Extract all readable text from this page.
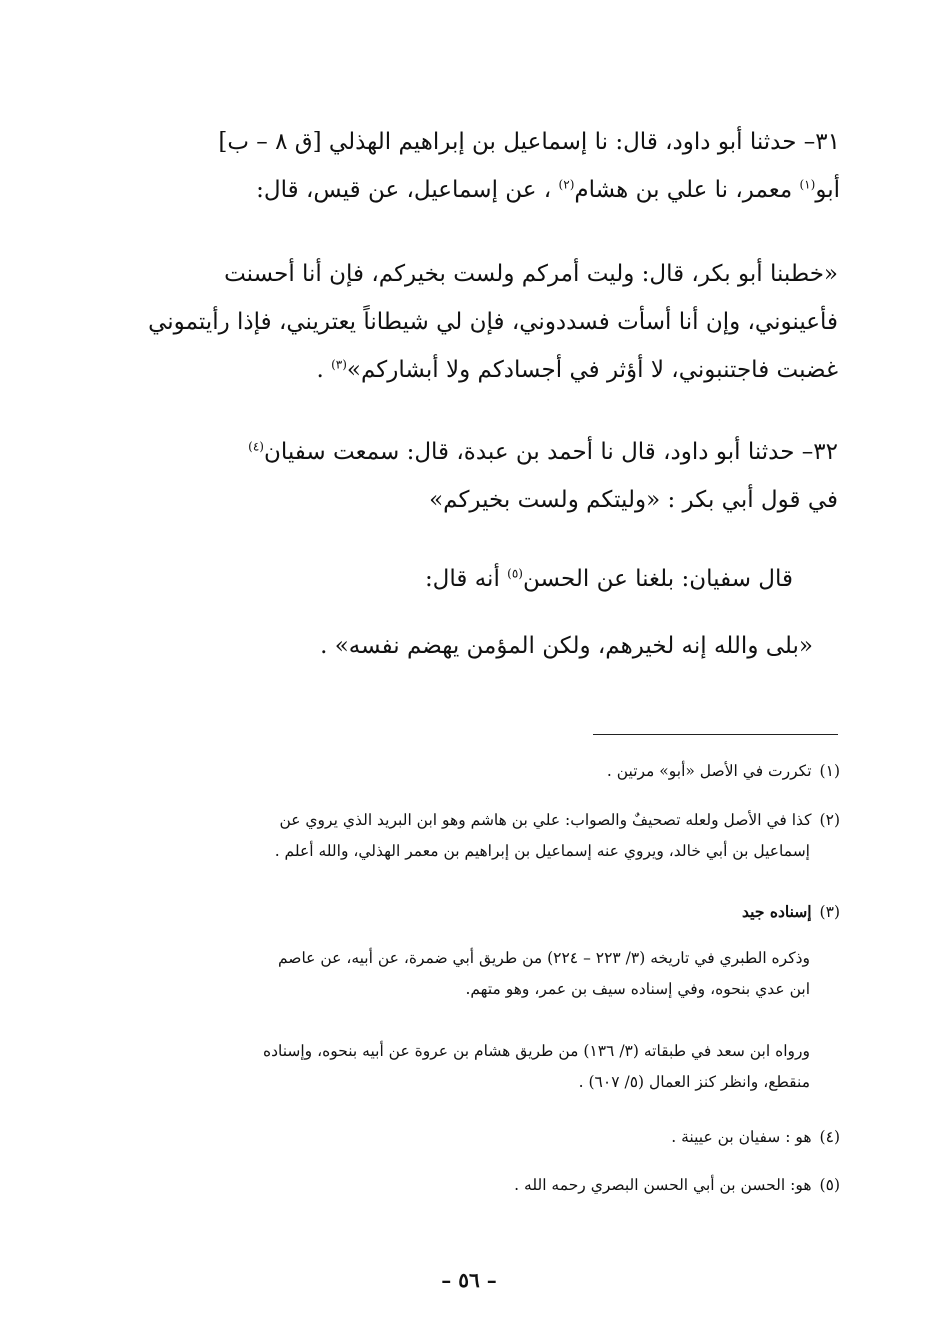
٣١– حدثنا أبو داود، قال: نا إسماعيل بن إبراهيم الهذلي [ق ٨ – ب]
أبو$^{(١)}$ معمر، نا علي بن هشام$^{(٢)}$ ، عن إسماعيل، عن قيس، قال:
«خطبنا أبو بكر، قال: وليت أمركم ولست بخيركم، فإن أنا أحسنت
فأعينوني، وإن أنا أسأت فسددوني، فإن لي شيطاناً يعتريني، فإذا رأيتموني
غضبت فاجتنبوني، لا أؤثر في أجسادكم ولا أبشاركم»$^{(٣)}$ .
٣٢– حدثنا أبو داود، قال نا أحمد بن عبدة، قال: سمعت سفيان$^{(٤)}$
في قول أبي بكر : «وليتكم ولست بخيركم»
قال سفيان: بلغنا عن الحسن$^{(٥)}$ أنه قال:
«بلى والله إنه لخيرهم، ولكن المؤمن يهضم نفسه» .
(١)تكررت في الأصل «أبو» مرتين .
(٢)كذا في الأصل ولعله تصحيفٌ والصواب: علي بن هاشم وهو ابن البريد الذي يروي عن
إسماعيل بن أبي خالد، ويروي عنه إسماعيل بن إبراهيم بن معمر الهذلي، والله أعلم .
(٣)إسناده جيد
وذكره الطبري في تاريخه (٣/ ٢٢٣ – ٢٢٤) من طريق أبي ضمرة، عن أبيه، عن عاصم
ابن عدي بنحوه، وفي إسناده سيف بن عمر، وهو متهم.
ورواه ابن سعد في طبقاته (٣/ ١٣٦) من طريق هشام بن عروة عن أبيه بنحوه، وإسناده
منقطع، وانظر كنز العمال (٥/ ٦٠٧) .
(٤)هو : سفيان بن عيينة .
(٥)هو: الحسن بن أبي الحسن البصري رحمه الله .
– ٥٦ –
